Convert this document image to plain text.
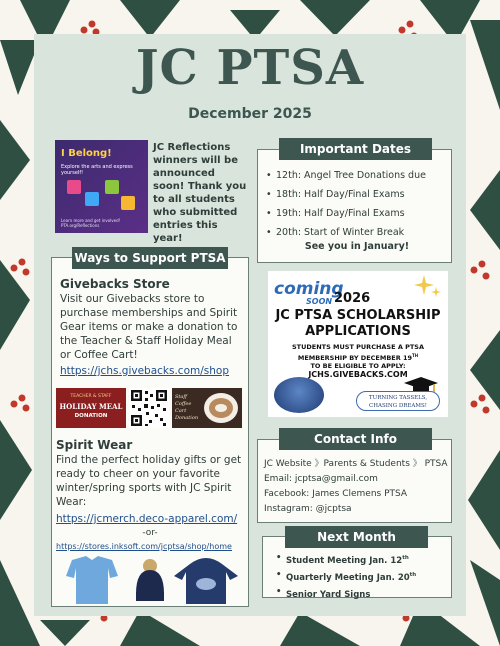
JC PTSA
December 2025
I Belong!
Explore the arts and express yourself!
Learn more and get involved! PTA.org/Reflections
JC Reflections winners will be announced soon! Thank you to all students who submitted entries this year!
Important Dates
• 12th: Angel Tree Donations due
• 18th: Half Day/Final Exams
• 19th: Half Day/Final Exams
• 20th: Start of Winter Break
See you in January!
coming
SOON 2026
JC PTSA SCHOLARSHIP
APPLICATIONS
STUDENTS MUST PURCHASE A PTSA
MEMBERSHIP BY DECEMBER 19TH
TO BE ELIGIBLE TO APPLY:
JCHS.GIVEBACKS.COM
TURNING TASSELS,
CHASING DREAMS!
Ways to Support PTSA
Givebacks Store
Visit our Givebacks store to purchase memberships and Spirit Gear items or make a donation to the Teacher & Staff Holiday Meal or Coffee Cart!
https://jchs.givebacks.com/shop
TEACHER & STAFF
HOLIDAY MEAL
DONATION
Staff
Coffee
Cart
Donation
Spirit Wear
Find the perfect holiday gifts or get ready to cheer on your favorite winter/spring sports with JC Spirit Wear:
https://jcmerch.deco-apparel.com/
-or-
https://stores.inksoft.com/jcptsa/shop/home
Contact Info
JC Website 》Parents & Students 》 PTSA
Email: jcptsa@gmail.com
Facebook: James Clemens PTSA
Instagram: @jcptsa
Next Month
• Student Meeting Jan. 12th
• Quarterly Meeting Jan. 20th
• Senior Yard Signs
